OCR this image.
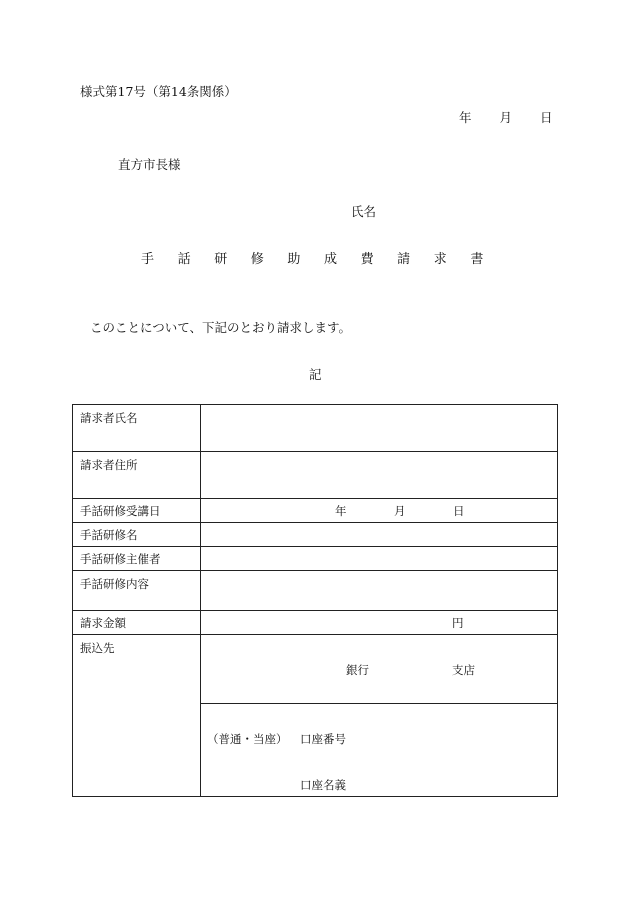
様式第17号（第14条関係）
年 月 日
直方市長様
氏名
手 話 研 修 助 成 費 請 求 書
このことについて、下記のとおり請求します。
記
請求者氏名	
請求者住所	
手話研修受講日	年 月 日

手話研修名	
手話研修主催者	
手話研修内容	
請求金額	円

振込先	銀行 支店

	（普通・当座） 口座番号
口座名義
